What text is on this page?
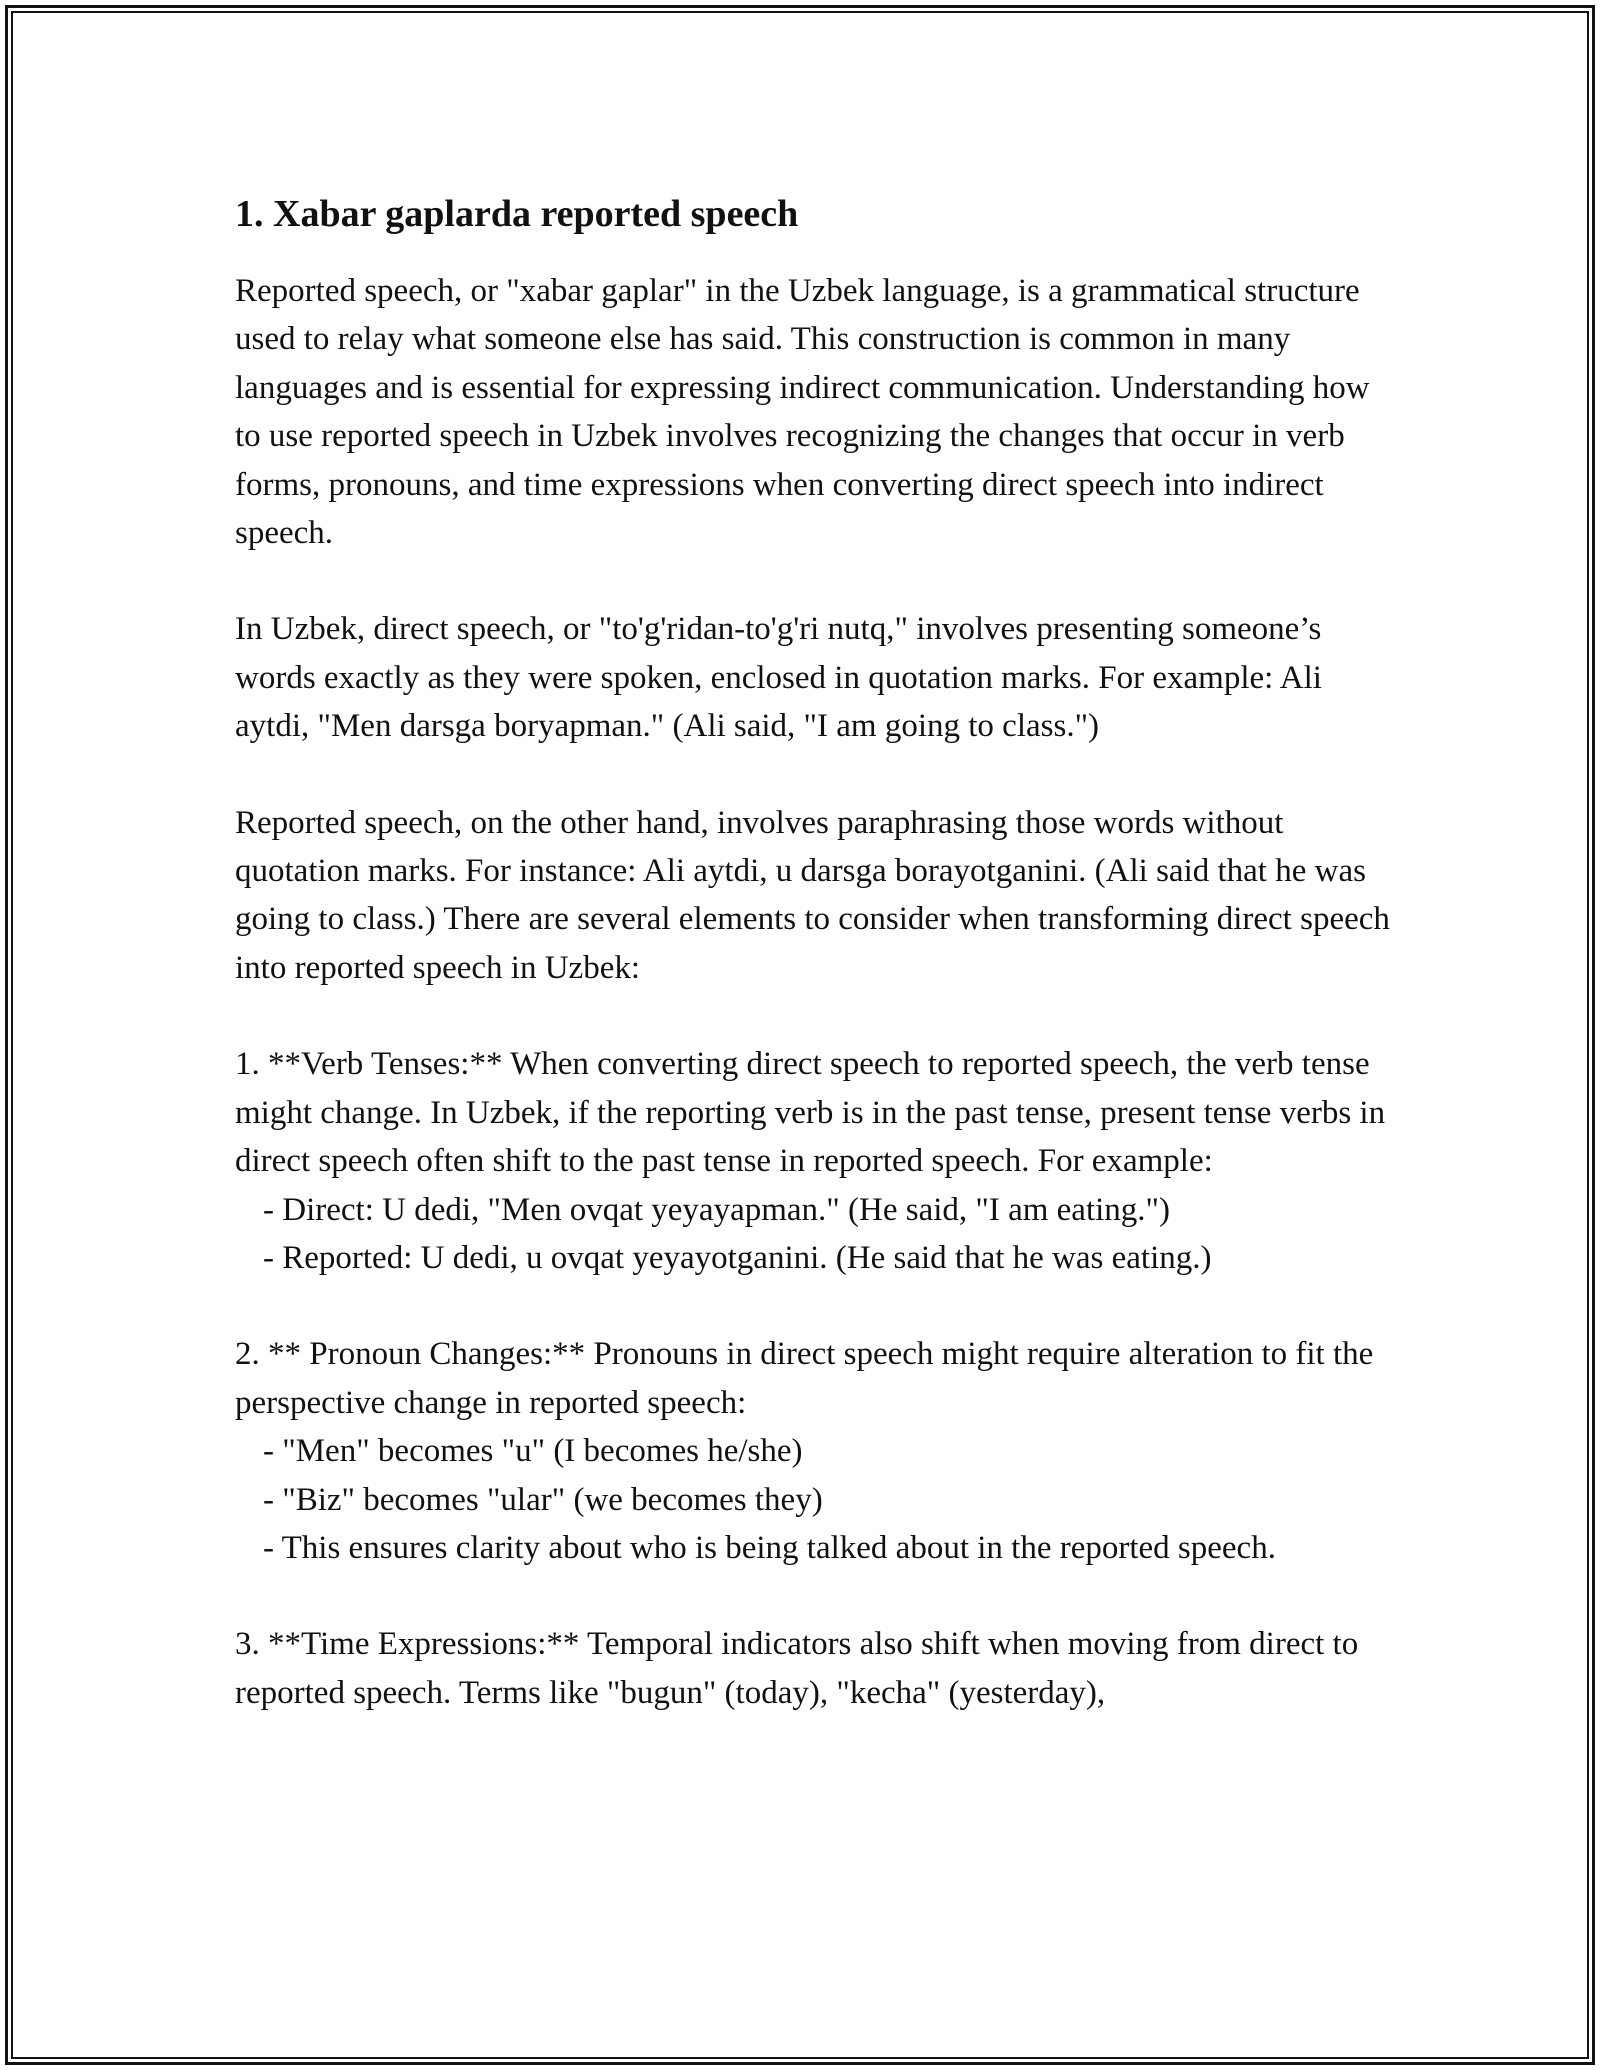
1. Xabar gaplarda reported speech

Reported speech, or "xabar gaplar" in the Uzbek language, is a grammatical structure used to relay what someone else has said. This construction is common in many languages and is essential for expressing indirect communication. Understanding how to use reported speech in Uzbek involves recognizing the changes that occur in verb forms, pronouns, and time expressions when converting direct speech into indirect speech.

In Uzbek, direct speech, or "to'g'ridan-to'g'ri nutq," involves presenting someone’s words exactly as they were spoken, enclosed in quotation marks. For example: Ali aytdi, "Men darsga boryapman." (Ali said, "I am going to class.")

Reported speech, on the other hand, involves paraphrasing those words without quotation marks. For instance: Ali aytdi, u darsga borayotganini. (Ali said that he was going to class.) There are several elements to consider when transforming direct speech into reported speech in Uzbek:

1. **Verb Tenses:** When converting direct speech to reported speech, the verb tense might change. In Uzbek, if the reporting verb is in the past tense, present tense verbs in direct speech often shift to the past tense in reported speech. For example:
- Direct: U dedi, "Men ovqat yeyayapman." (He said, "I am eating.")
- Reported: U dedi, u ovqat yeyayotganini. (He said that he was eating.)
2. ** Pronoun Changes:** Pronouns in direct speech might require alteration to fit the perspective change in reported speech:
- "Men" becomes "u" (I becomes he/she)
- "Biz" becomes "ular" (we becomes they)
- This ensures clarity about who is being talked about in the reported speech.
3. **Time Expressions:** Temporal indicators also shift when moving from direct to reported speech. Terms like "bugun" (today), "kecha" (yesterday),
